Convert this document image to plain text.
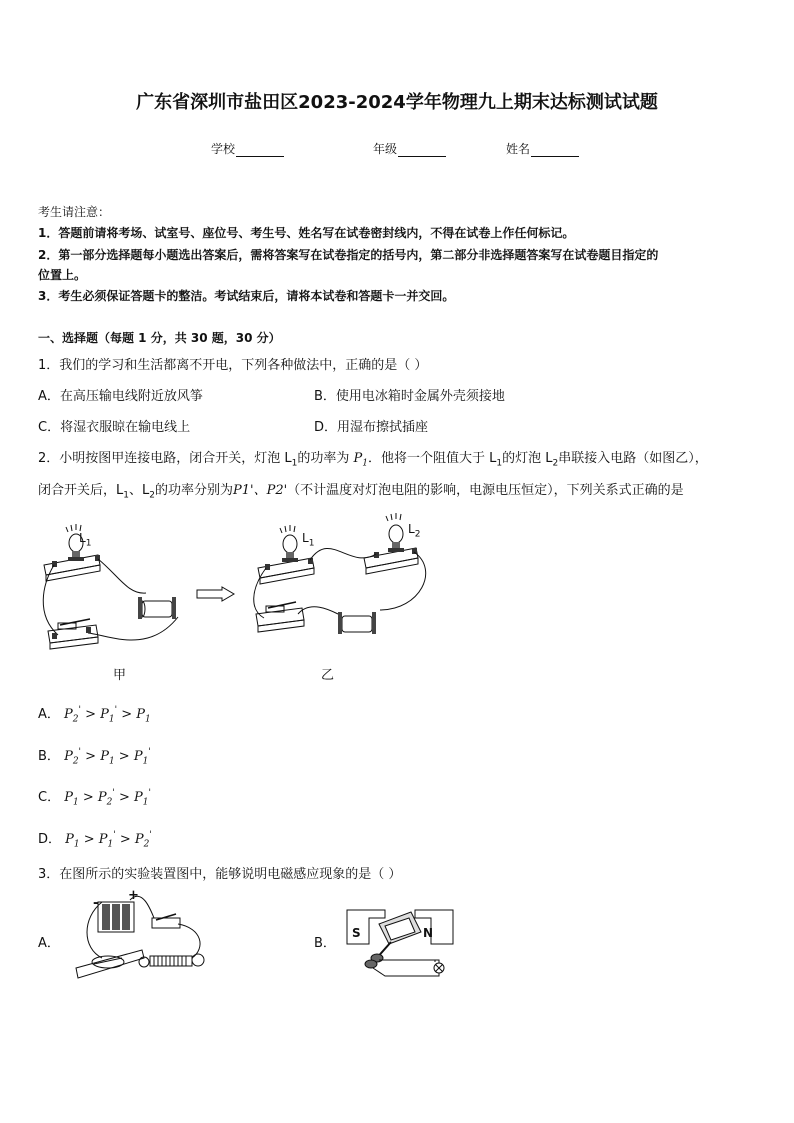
广东省深圳市盐田区2023-2024学年物理九上期末达标测试试题
学校	年级	姓名
考生请注意：
1．答题前请将考场、试室号、座位号、考生号、姓名写在试卷密封线内，不得在试卷上作任何标记。
2．第一部分选择题每小题选出答案后，需将答案写在试卷指定的括号内，第二部分非选择题答案写在试卷题目指定的
位置上。
3．考生必须保证答题卡的整洁。考试结束后，请将本试卷和答题卡一并交回。
一、选择题（每题 1 分，共 30 题，30 分）
1．我们的学习和生活都离不开电，下列各种做法中，正确的是（ ）
A．在高压输电线附近放风筝	B．使用电冰箱时金属外壳须接地
C．将湿衣服晾在输电线上	D．用湿布擦拭插座
2．小明按图甲连接电路，闭合开关，灯泡 $L_1$的功率为 $P_1$．他将一个阻值大于 $L_1$的灯泡 $L_2$串联接入电路（如图乙），
闭合开关后，$L_1$、$L_2$的功率分别为P1'、P2'（不计温度对灯泡电阻的影响，电源电压恒定），下列关系式正确的是
$L_1$	$L_1$
$L_2$
甲	乙
A． $P_2' > P_1' > P_1$
B． $P_2' > P_1 > P_1'$
C． $P_1 > P_2' > P_1'$
D． $P_1 > P_1' > P_2'$
3．在图所示的实验装置图中，能够说明电磁感应现象的是（ ）
A．	B．
+
-
S	N
